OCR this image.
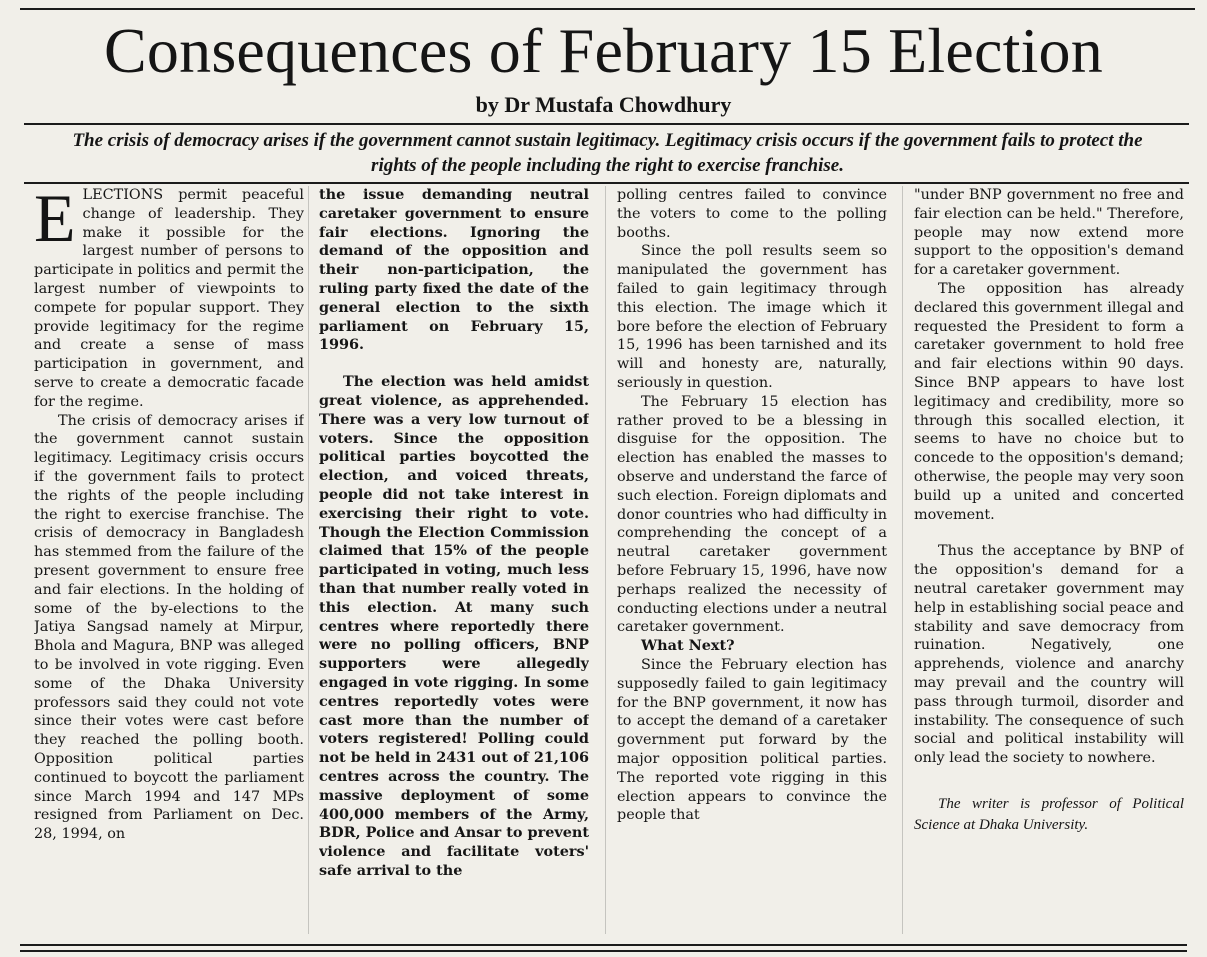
Consequences of February 15 Election

by Dr Mustafa Chowdhury

The crisis of democracy arises if the government cannot sustain legitimacy. Legitimacy crisis occurs if the government fails to protect the rights of the people including the right to exercise franchise.

E LECTIONS permit peaceful change of leadership. They make it possible for the largest number of persons to participate in politics and permit the largest number of viewpoints to compete for popular support. They provide legitimacy for the regime and create a sense of mass participation in government, and serve to create a democratic facade for the regime.

The crisis of democracy arises if the government cannot sustain legitimacy. Legitimacy crisis occurs if the government fails to protect the rights of the people including the right to exercise franchise. The crisis of democracy in Bangladesh has stemmed from the failure of the present government to ensure free and fair elections. In the holding of some of the by-elections to the Jatiya Sangsad namely at Mirpur, Bhola and Magura, BNP was alleged to be involved in vote rigging. Even some of the Dhaka University professors said they could not vote since their votes were cast before they reached the polling booth. Opposition political parties continued to boycott the parliament since March 1994 and 147 MPs resigned from Parliament on Dec. 28, 1994, on

the issue demanding neutral caretaker government to ensure fair elections. Ignoring the demand of the opposition and their non-participation, the ruling party fixed the date of the general election to the sixth parliament on February 15, 1996.

The election was held amidst great violence, as apprehended. There was a very low turnout of voters. Since the opposition political parties boycotted the election, and voiced threats, people did not take interest in exercising their right to vote. Though the Election Commission claimed that 15% of the people participated in voting, much less than that number really voted in this election. At many such centres where reportedly there were no polling officers, BNP supporters were allegedly engaged in vote rigging. In some centres reportedly votes were cast more than the number of voters registered! Polling could not be held in 2431 out of 21,106 centres across the country. The massive deployment of some 400,000 members of the Army, BDR, Police and Ansar to prevent violence and facilitate voters' safe arrival to the

polling centres failed to convince the voters to come to the polling booths.

Since the poll results seem so manipulated the government has failed to gain legitimacy through this election. The image which it bore before the election of February 15, 1996 has been tarnished and its will and honesty are, naturally, seriously in question.

The February 15 election has rather proved to be a blessing in disguise for the opposition. The election has enabled the masses to observe and understand the farce of such election. Foreign diplomats and donor countries who had difficulty in comprehending the concept of a neutral caretaker government before February 15, 1996, have now perhaps realized the necessity of conducting elections under a neutral caretaker government.

What Next?

Since the February election has supposedly failed to gain legitimacy for the BNP government, it now has to accept the demand of a caretaker government put forward by the major opposition political parties. The reported vote rigging in this election appears to convince the people that

"under BNP government no free and fair election can be held." Therefore, people may now extend more support to the opposition's demand for a caretaker government.

The opposition has already declared this government illegal and requested the President to form a caretaker government to hold free and fair elections within 90 days. Since BNP appears to have lost legitimacy and credibility, more so through this socalled election, it seems to have no choice but to concede to the opposition's demand; otherwise, the people may very soon build up a united and concerted movement.

Thus the acceptance by BNP of the opposition's demand for a neutral caretaker government may help in establishing social peace and stability and save democracy from ruination. Negatively, one apprehends, violence and anarchy may prevail and the country will pass through turmoil, disorder and instability. The consequence of such social and political instability will only lead the society to nowhere.

The writer is professor of Political Science at Dhaka University.
